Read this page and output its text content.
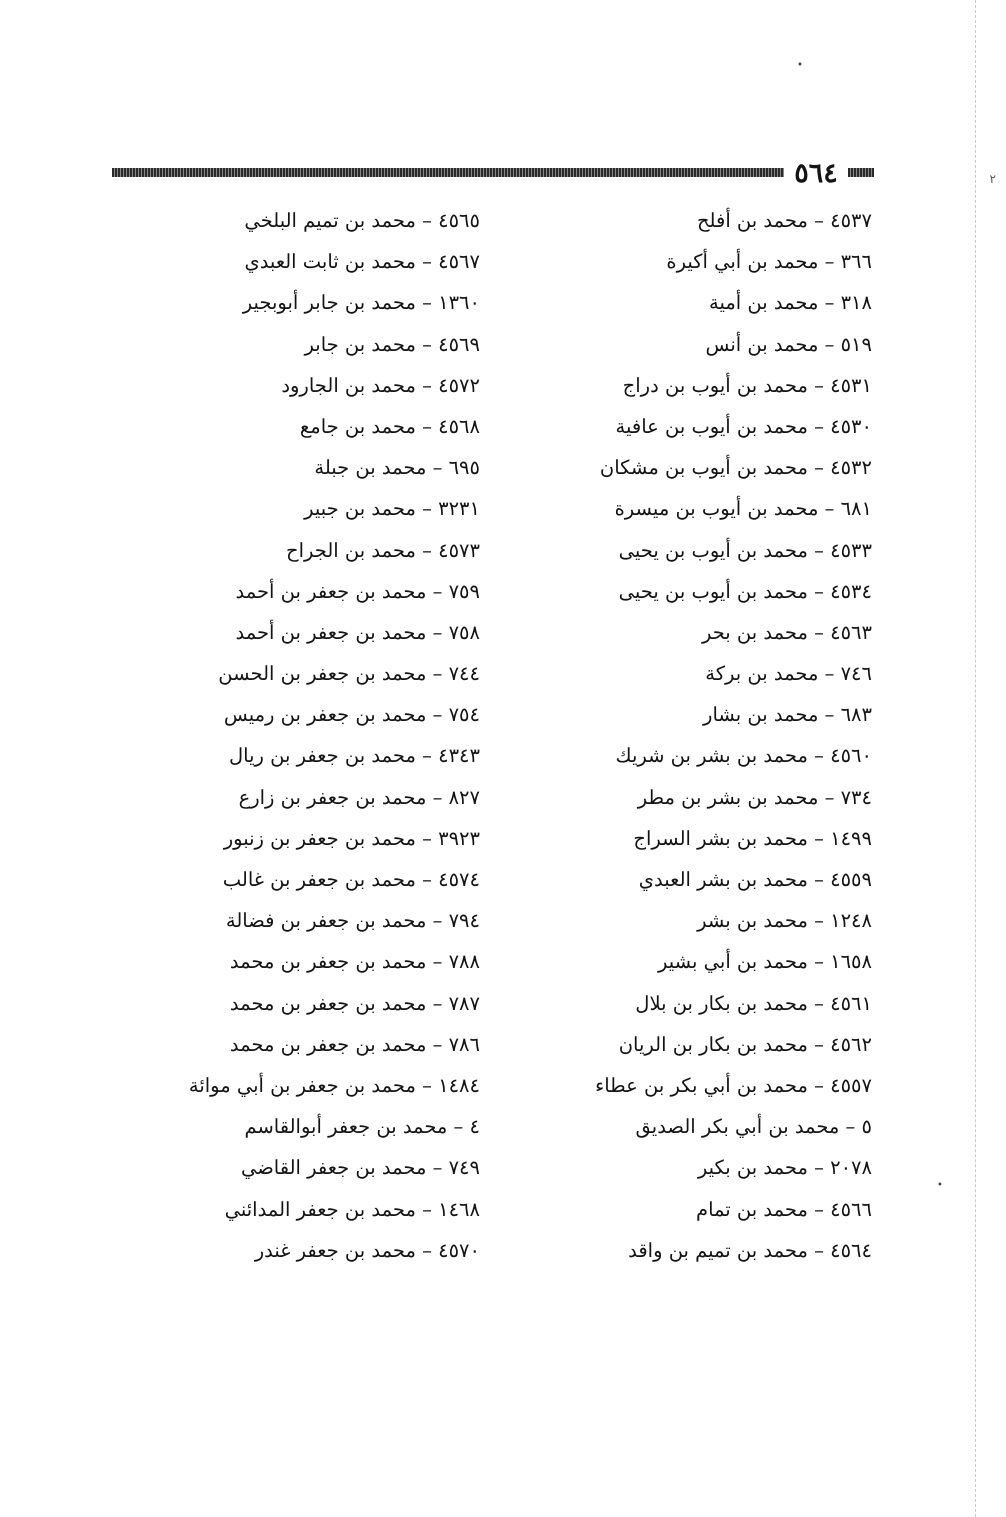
•
•
٢
٥٦٤
٤٥٣٧ – محمد بن أفلح
٣٦٦ – محمد بن أبي أكيرة
٣١٨ – محمد بن أمية
٥١٩ – محمد بن أنس
٤٥٣١ – محمد بن أيوب بن دراج
٤٥٣٠ – محمد بن أيوب بن عافية
٤٥٣٢ – محمد بن أيوب بن مشكان
٦٨١ – محمد بن أيوب بن ميسرة
٤٥٣٣ – محمد بن أيوب بن يحيى
٤٥٣٤ – محمد بن أيوب بن يحيى
٤٥٦٣ – محمد بن بحر
٧٤٦ – محمد بن بركة
٦٨٣ – محمد بن بشار
٤٥٦٠ – محمد بن بشر بن شريك
٧٣٤ – محمد بن بشر بن مطر
١٤٩٩ – محمد بن بشر السراج
٤٥٥٩ – محمد بن بشر العبدي
١٢٤٨ – محمد بن بشر
١٦٥٨ – محمد بن أبي بشير
٤٥٦١ – محمد بن بكار بن بلال
٤٥٦٢ – محمد بن بكار بن الريان
٤٥٥٧ – محمد بن أبي بكر بن عطاء
٥ – محمد بن أبي بكر الصديق
٢٠٧٨ – محمد بن بكير
٤٥٦٦ – محمد بن تمام
٤٥٦٤ – محمد بن تميم بن واقد
٤٥٦٥ – محمد بن تميم البلخي
٤٥٦٧ – محمد بن ثابت العبدي
١٣٦٠ – محمد بن جابر أبوبجير
٤٥٦٩ – محمد بن جابر
٤٥٧٢ – محمد بن الجارود
٤٥٦٨ – محمد بن جامع
٦٩٥ – محمد بن جبلة
٣٢٣١ – محمد بن جبير
٤٥٧٣ – محمد بن الجراح
٧٥٩ – محمد بن جعفر بن أحمد
٧٥٨ – محمد بن جعفر بن أحمد
٧٤٤ – محمد بن جعفر بن الحسن
٧٥٤ – محمد بن جعفر بن رميس
٤٣٤٣ – محمد بن جعفر بن ريال
٨٢٧ – محمد بن جعفر بن زارع
٣٩٢٣ – محمد بن جعفر بن زنبور
٤٥٧٤ – محمد بن جعفر بن غالب
٧٩٤ – محمد بن جعفر بن فضالة
٧٨٨ – محمد بن جعفر بن محمد
٧٨٧ – محمد بن جعفر بن محمد
٧٨٦ – محمد بن جعفر بن محمد
١٤٨٤ – محمد بن جعفر بن أبي موائة
٤ – محمد بن جعفر أبوالقاسم
٧٤٩ – محمد بن جعفر القاضي
١٤٦٨ – محمد بن جعفر المدائني
٤٥٧٠ – محمد بن جعفر غندر
